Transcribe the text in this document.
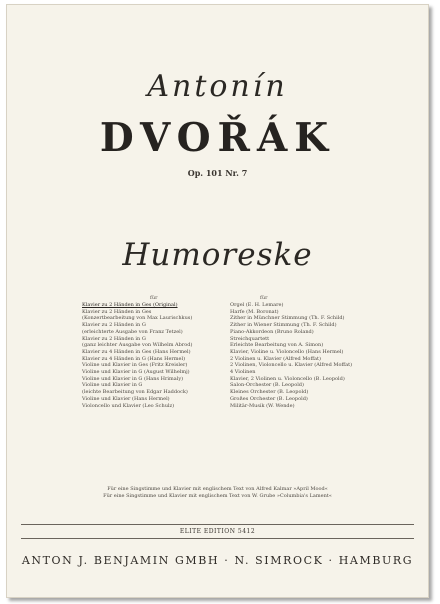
Antonín
DVOŘÁK
Op. 101 Nr. 7
Humoreske
für	für
Klavier zu 2 Händen in Ges (Original)
Klavier zu 2 Händen in Ges
(Konzertbearbeitung von Max Laurischkus)
Klavier zu 2 Händen in G
(erleichterte Ausgabe von Franz Tetzel)
Klavier zu 2 Händen in G
(ganz leichter Ausgabe von Wilhelm Abrod)
Klavier zu 4 Händen in Ges (Hans Hermel)
Klavier zu 4 Händen in G (Hans Hermel)
Violine und Klavier in Ges (Fritz Kreisler)
Violine und Klavier in G (August Wilhelmj)
Violine und Klavier in G (Hans Hrimaly)
Violine und Klavier in G
(leichte Bearbeitung von Edgar Haddock)
Violine und Klavier (Hans Hermel)
Violoncello und Klavier (Leo Schulz)
Orgel (E. H. Lemare)
Harfe (M. Boronat)
Zither in Münchner Stimmung (Th. F. Schild)
Zither in Wiener Stimmung (Th. F. Schild)
Piano-Akkordeon (Bruno Roland)
Streichquartett
Erleichte Bearbeitung von A. Simon)
Klavier, Violine u. Violoncello (Hans Hermel)
2 Violinen u. Klavier (Alfred Moffat)
2 Violinen, Violoncello u. Klavier (Alfred Moffat)
4 Violinen
Klavier, 2 Violinen u. Violoncello (B. Leopold)
Salon-Orchester (B. Leopold)
Kleines Orchester (B. Leopold)
Großes Orchester (B. Leopold)
Militär-Musik (W. Wende)
Für eine Singstimme und Klavier mit englischem Text von Alfred Kalmar »April Mood«
Für eine Singstimme und Klavier mit englischem Text von W. Grube »Columbia's Lament«
ELITE EDITION 5412
ANTON J. BENJAMIN GMBH · N. SIMROCK · HAMBURG
